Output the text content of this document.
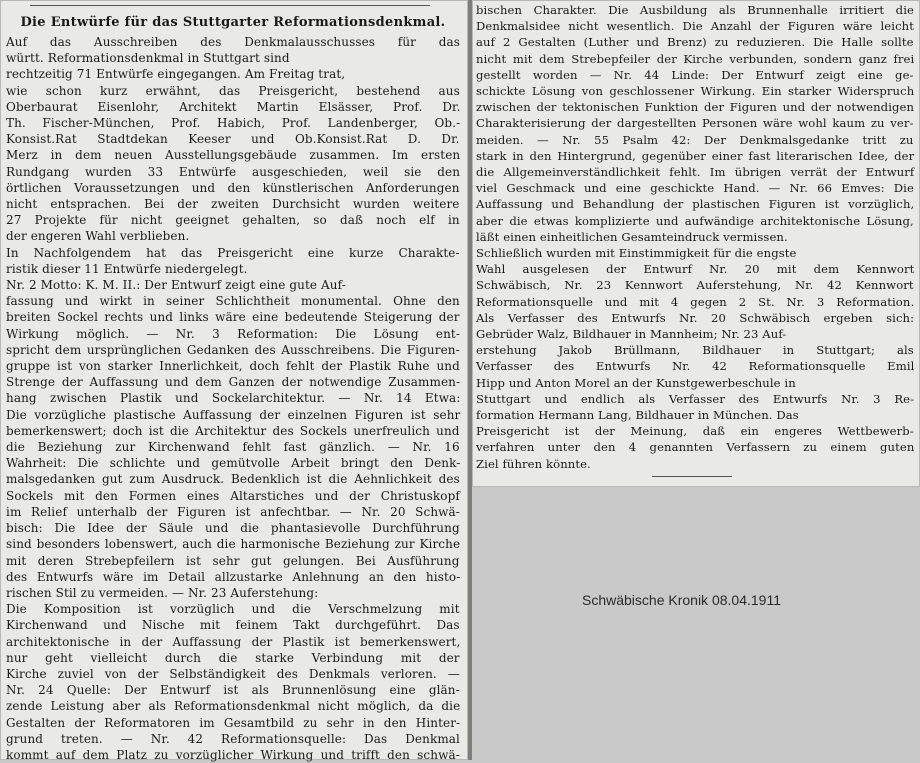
Die Entwürfe für das Stuttgarter Reformationsdenkmal.
Auf das Ausschreiben des Denkmalausschusses für das
württ. Reformationsdenkmal in Stuttgart sind
rechtzeitig 71 Entwürfe eingegangen. Am Freitag trat,
wie schon kurz erwähnt, das Preisgericht, bestehend aus
Oberbaurat Eisenlohr, Architekt Martin Elsässer, Prof. Dr.
Th. Fischer-München, Prof. Habich, Prof. Landenberger, Ob.-
Konsist.Rat Stadtdekan Keeser und Ob.Konsist.Rat D. Dr.
Merz in dem neuen Ausstellungsgebäude zusammen. Im ersten
Rundgang wurden 33 Entwürfe ausgeschieden, weil sie den
örtlichen Voraussetzungen und den künstlerischen Anforderungen
nicht entsprachen. Bei der zweiten Durchsicht wurden weitere
27 Projekte für nicht geeignet gehalten, so daß noch elf in
der engeren Wahl verblieben.
In Nachfolgendem hat das Preisgericht eine kurze Charakte-
ristik dieser 11 Entwürfe niedergelegt.
Nr. 2 Motto: K. M. II.: Der Entwurf zeigt eine gute Auf-
fassung und wirkt in seiner Schlichtheit monumental. Ohne den
breiten Sockel rechts und links wäre eine bedeutende Steigerung der
Wirkung möglich. — Nr. 3 Reformation: Die Lösung ent-
spricht dem ursprünglichen Gedanken des Ausschreibens. Die Figuren-
gruppe ist von starker Innerlichkeit, doch fehlt der Plastik Ruhe und
Strenge der Auffassung und dem Ganzen der notwendige Zusammen-
hang zwischen Plastik und Sockelarchitektur. — Nr. 14 Etwa:
Die vorzügliche plastische Auffassung der einzelnen Figuren ist sehr
bemerkenswert; doch ist die Architektur des Sockels unerfreulich und
die Beziehung zur Kirchenwand fehlt fast gänzlich. — Nr. 16
Wahrheit: Die schlichte und gemütvolle Arbeit bringt den Denk-
malsgedanken gut zum Ausdruck. Bedenklich ist die Aehnlichkeit des
Sockels mit den Formen eines Altarstiches und der Christuskopf
im Relief unterhalb der Figuren ist anfechtbar. — Nr. 20 Schwä-
bisch: Die Idee der Säule und die phantasievolle Durchführung
sind besonders lobenswert, auch die harmonische Beziehung zur Kirche
mit deren Strebepfeilern ist sehr gut gelungen. Bei Ausführung
des Entwurfs wäre im Detail allzustarke Anlehnung an den histo-
rischen Stil zu vermeiden. — Nr. 23 Auferstehung:
Die Komposition ist vorzüglich und die Verschmelzung mit
Kirchenwand und Nische mit feinem Takt durchgeführt. Das
architektonische in der Auffassung der Plastik ist bemerkenswert,
nur geht vielleicht durch die starke Verbindung mit der
Kirche zuviel von der Selbständigkeit des Denkmals verloren. —
Nr. 24 Quelle: Der Entwurf ist als Brunnenlösung eine glän-
zende Leistung aber als Reformationsdenkmal nicht möglich, da die
Gestalten der Reformatoren im Gesamtbild zu sehr in den Hinter-
grund treten. — Nr. 42 Reformationsquelle: Das Denkmal
kommt auf dem Platz zu vorzüglicher Wirkung und trifft den schwä-
bischen Charakter. Die Ausbildung als Brunnenhalle irritiert die
Denkmalsidee nicht wesentlich. Die Anzahl der Figuren wäre leicht
auf 2 Gestalten (Luther und Brenz) zu reduzieren. Die Halle sollte
nicht mit dem Strebepfeiler der Kirche verbunden, sondern ganz frei
gestellt worden — Nr. 44 Linde: Der Entwurf zeigt eine ge-
schickte Lösung von geschlossener Wirkung. Ein starker Widerspruch
zwischen der tektonischen Funktion der Figuren und der notwendigen
Charakterisierung der dargestellten Personen wäre wohl kaum zu ver-
meiden. — Nr. 55 Psalm 42: Der Denkmalsgedanke tritt zu
stark in den Hintergrund, gegenüber einer fast literarischen Idee, der
die Allgemeinverständlichkeit fehlt. Im übrigen verrät der Entwurf
viel Geschmack und eine geschickte Hand. — Nr. 66 Emves: Die
Auffassung und Behandlung der plastischen Figuren ist vorzüglich,
aber die etwas komplizierte und aufwändige architektonische Lösung,
läßt einen einheitlichen Gesamteindruck vermissen.
Schließlich wurden mit Einstimmigkeit für die engste
Wahl ausgelesen der Entwurf Nr. 20 mit dem Kennwort
Schwäbisch, Nr. 23 Kennwort Auferstehung, Nr. 42 Kennwort
Reformationsquelle und mit 4 gegen 2 St. Nr. 3 Reformation.
Als Verfasser des Entwurfs Nr. 20 Schwäbisch ergeben sich:
Gebrüder Walz, Bildhauer in Mannheim; Nr. 23 Auf-
erstehung Jakob Brüllmann, Bildhauer in Stuttgart; als
Verfasser des Entwurfs Nr. 42 Reformationsquelle Emil
Hipp und Anton Morel an der Kunstgewerbeschule in
Stuttgart und endlich als Verfasser des Entwurfs Nr. 3 Re-
formation Hermann Lang, Bildhauer in München. Das
Preisgericht ist der Meinung, daß ein engeres Wettbewerb-
verfahren unter den 4 genannten Verfassern zu einem guten
Ziel führen könnte.
Schwäbische Kronik 08.04.1911
